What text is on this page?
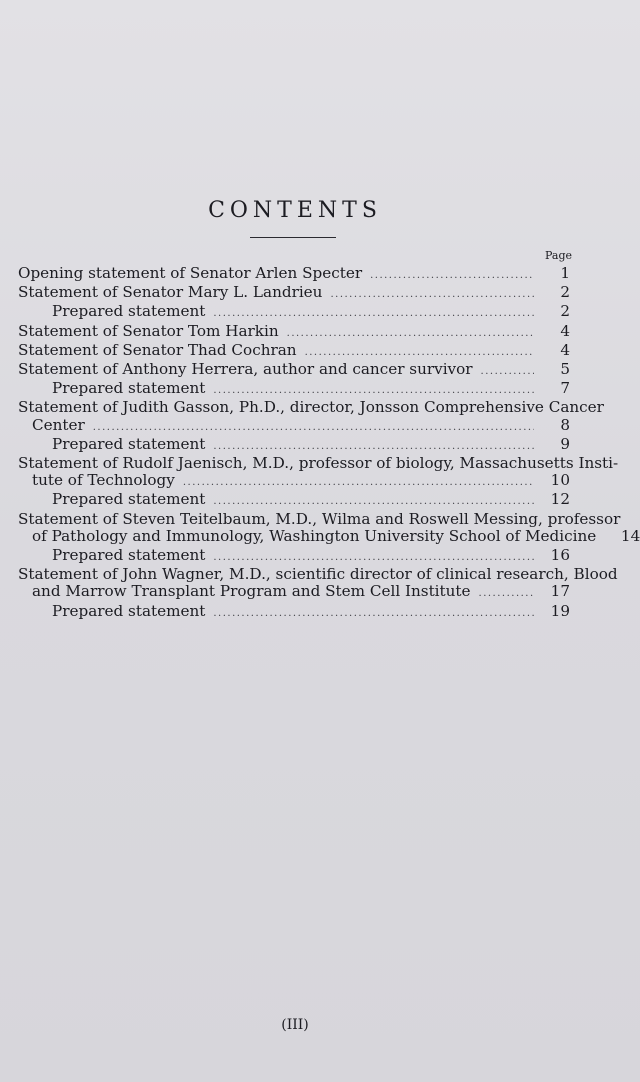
CONTENTS
Page
Opening statement of Senator Arlen Specter .....	1
Statement of Senator Mary L. Landrieu .....	2
Prepared statement .....	2
Statement of Senator Tom Harkin .....	4
Statement of Senator Thad Cochran .....	4
Statement of Anthony Herrera, author and cancer survivor .....	5
Prepared statement .....	7
Statement of Judith Gasson, Ph.D., director, Jonsson Comprehensive Cancer
Center .....	8
Prepared statement .....	9
Statement of Rudolf Jaenisch, M.D., professor of biology, Massachusetts Insti-
tute of Technology .....	10
Prepared statement .....	12
Statement of Steven Teitelbaum, M.D., Wilma and Roswell Messing, professor
of Pathology and Immunology, Washington University School of Medicine	14
Prepared statement .....	16
Statement of John Wagner, M.D., scientific director of clinical research, Blood
and Marrow Transplant Program and Stem Cell Institute .....	17
Prepared statement .....	19
(III)
